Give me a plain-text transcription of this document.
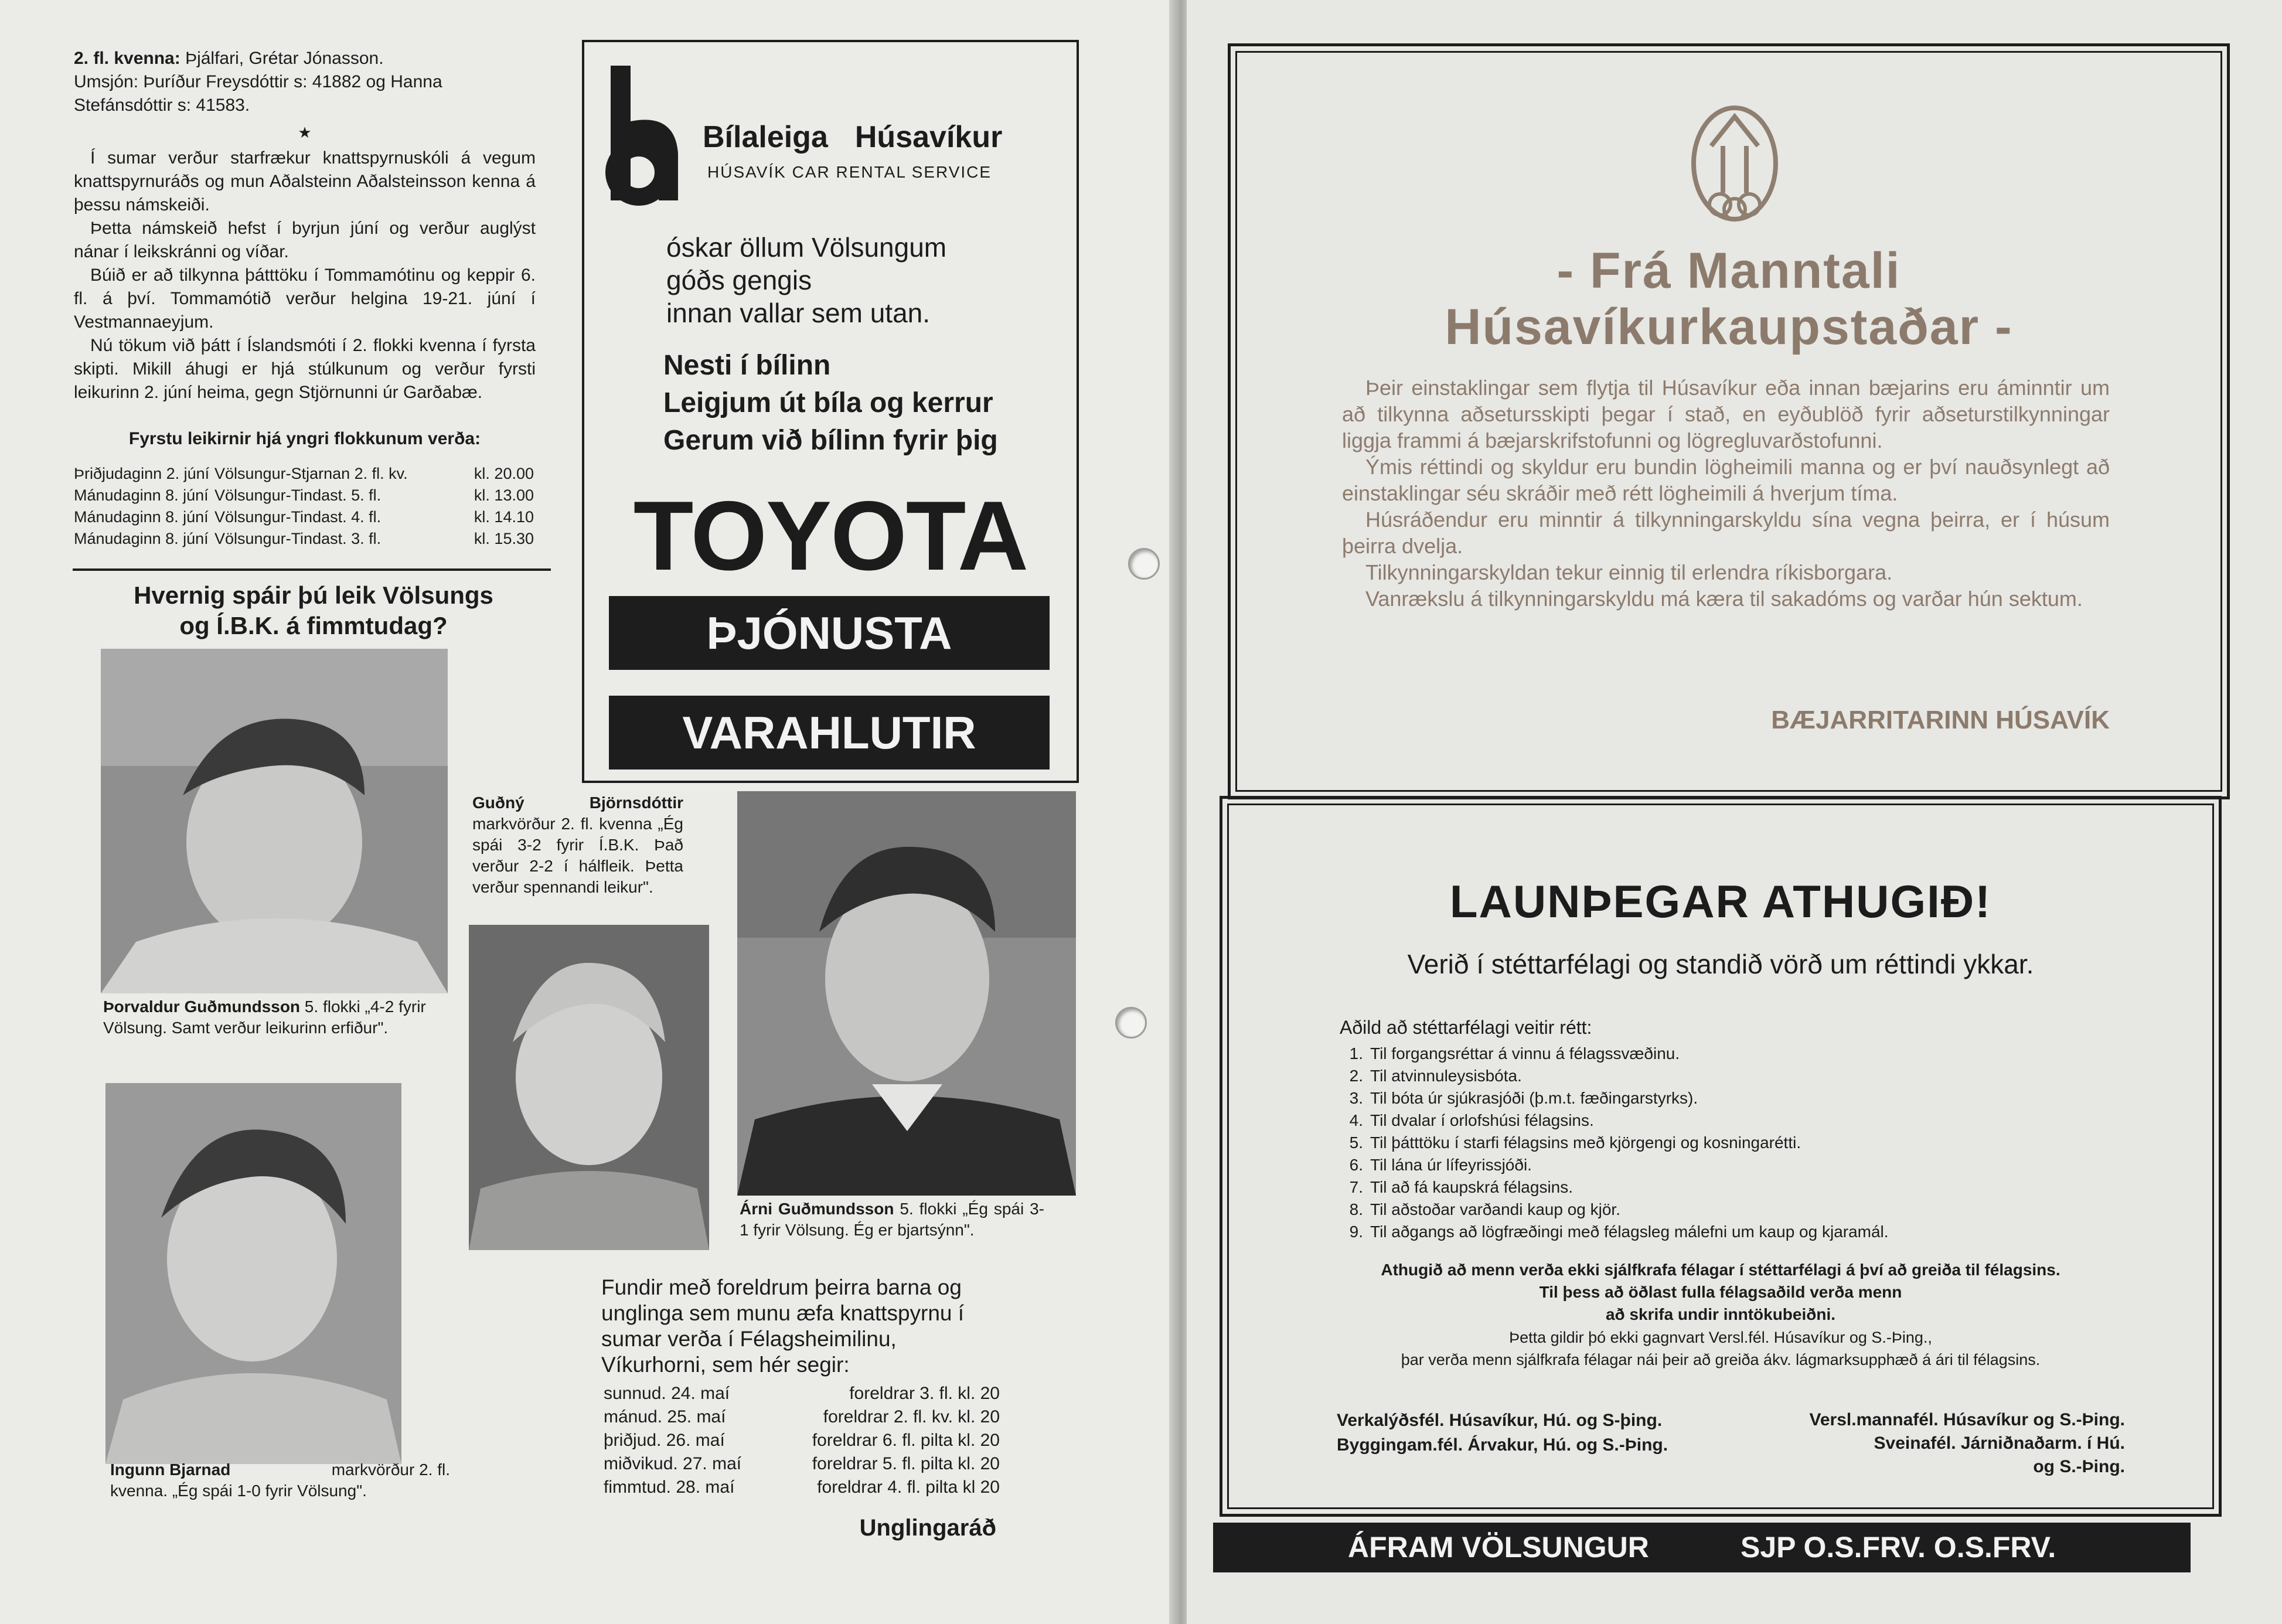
2. fl. kvenna: Þjálfari, Grétar Jónasson.
Umsjón: Þuríður Freysdóttir s: 41882 og Hanna
Stefánsdóttir s: 41583.
★

Í sumar verður starfrækur knattspyrnuskóli á vegum knattspyrnuráðs og mun Aðalsteinn Aðalsteinsson kenna á þessu námskeiði.

Þetta námskeið hefst í byrjun júní og verður auglýst nánar í leikskránni og víðar.

Búið er að tilkynna þátttöku í Tommamótinu og keppir 6. fl. á því. Tommamótið verður helgina 19-21. júní í Vestmannaeyjum.

Nú tökum við þátt í Íslandsmóti í 2. flokki kvenna í fyrsta skipti. Mikill áhugi er hjá stúlkunum og verður fyrsti leikurinn 2. júní heima, gegn Stjörnunni úr Garðabæ.

Fyrstu leikirnir hjá yngri flokkunum verða:
Þriðjudaginn 2. júní Völsungur-Stjarnan 2. fl. kv.	kl. 20.00
Mánudaginn 8. júní Völsungur-Tindast. 5. fl.	kl. 13.00
Mánudaginn 8. júní Völsungur-Tindast. 4. fl.	kl. 14.10
Mánudaginn 8. júní Völsungur-Tindast. 3. fl.	kl. 15.30
Hvernig spáir þú leik Völsungs
og Í.B.K. á fimmtudag?
Þorvaldur Guðmundsson 5. flokki „4-2 fyrir Völsung. Samt verður leikurinn erfiður".
Ingunn Bjarnad	markvörður 2. fl.
kvenna. „Ég spái 1-0 fyrir Völsung".
Guðný Björnsdóttir markvörður 2. fl. kvenna „Ég spái 3-2 fyrir Í.B.K. Það verður 2-2 í hálfleik. Þetta verður spennandi leikur".
Árni Guðmundsson 5. flokki „Ég spái 3-1 fyrir Völsung. Ég er bjartsýnn".
Fundir með foreldrum þeirra barna og unglinga sem munu æfa knattspyrnu í sumar verða í Félagsheimilinu, Víkurhorni, sem hér segir:
sunnud. 24. maí	foreldrar 3. fl. kl. 20
mánud. 25. maí	foreldrar 2. fl. kv. kl. 20
þriðjud. 26. maí	foreldrar 6. fl. pilta kl. 20
miðvikud. 27. maí	foreldrar 5. fl. pilta kl. 20
fimmtud. 28. maí	foreldrar 4. fl. pilta kl 20
Unglingaráð
Bílaleiga Húsavíkur
HÚSAVÍK CAR RENTAL SERVICE
óskar öllum Völsungum
góðs gengis
innan vallar sem utan.
Nesti í bílinn
Leigjum út bíla og kerrur
Gerum við bílinn fyrir þig
TOYOTA
ÞJÓNUSTA
VARAHLUTIR
- Frá Manntali
Húsavíkurkaupstaðar -

Þeir einstaklingar sem flytja til Húsavíkur eða innan bæjarins eru áminntir um að tilkynna aðsetursskipti þegar í stað, en eyðublöð fyrir aðseturstilkynningar liggja frammi á bæjarskrifstofunni og lögregluvarðstofunni.

Ýmis réttindi og skyldur eru bundin lögheimili manna og er því nauðsynlegt að einstaklingar séu skráðir með rétt lögheimili á hverjum tíma.

Húsráðendur eru minntir á tilkynningarskyldu sína vegna þeirra, er í húsum þeirra dvelja.

Tilkynningarskyldan tekur einnig til erlendra ríkisborgara.

Vanrækslu á tilkynningarskyldu má kæra til sakadóms og varðar hún sektum.

BÆJARRITARINN HÚSAVÍK
LAUNÞEGAR ATHUGIÐ!
Verið í stéttarfélagi og standið vörð um réttindi ykkar.
Aðild að stéttarfélagi veitir rétt:
1. Til forgangsréttar á vinnu á félagssvæðinu.
2. Til atvinnuleysisbóta.
3. Til bóta úr sjúkrasjóði (þ.m.t. fæðingarstyrks).
4. Til dvalar í orlofshúsi félagsins.
5. Til þátttöku í starfi félagsins með kjörgengi og kosningarétti.
6. Til lána úr lífeyrissjóði.
7. Til að fá kaupskrá félagsins.
8. Til aðstoðar varðandi kaup og kjör.
9. Til aðgangs að lögfræðingi með félagsleg málefni um kaup og kjaramál.
Athugið að menn verða ekki sjálfkrafa félagar í stéttarfélagi á því að greiða til félagsins.
Til þess að öðlast fulla félagsaðild verða menn
að skrifa undir inntökubeiðni.
Þetta gildir þó ekki gagnvart Versl.fél. Húsavíkur og S.-Þing.,
þar verða menn sjálfkrafa félagar nái þeir að greiða ákv. lágmarksupphæð á ári til félagsins.
Verkalýðsfél. Húsavíkur, Hú. og S-þing.
Byggingam.fél. Árvakur, Hú. og S.-Þing.
Versl.mannafél. Húsavíkur og S.-Þing.
Sveinafél. Járniðnaðarm. í Hú.
og S.-Þing.
ÁFRAM VÖLSUNGUR	SJP O.S.FRV. O.S.FRV.
